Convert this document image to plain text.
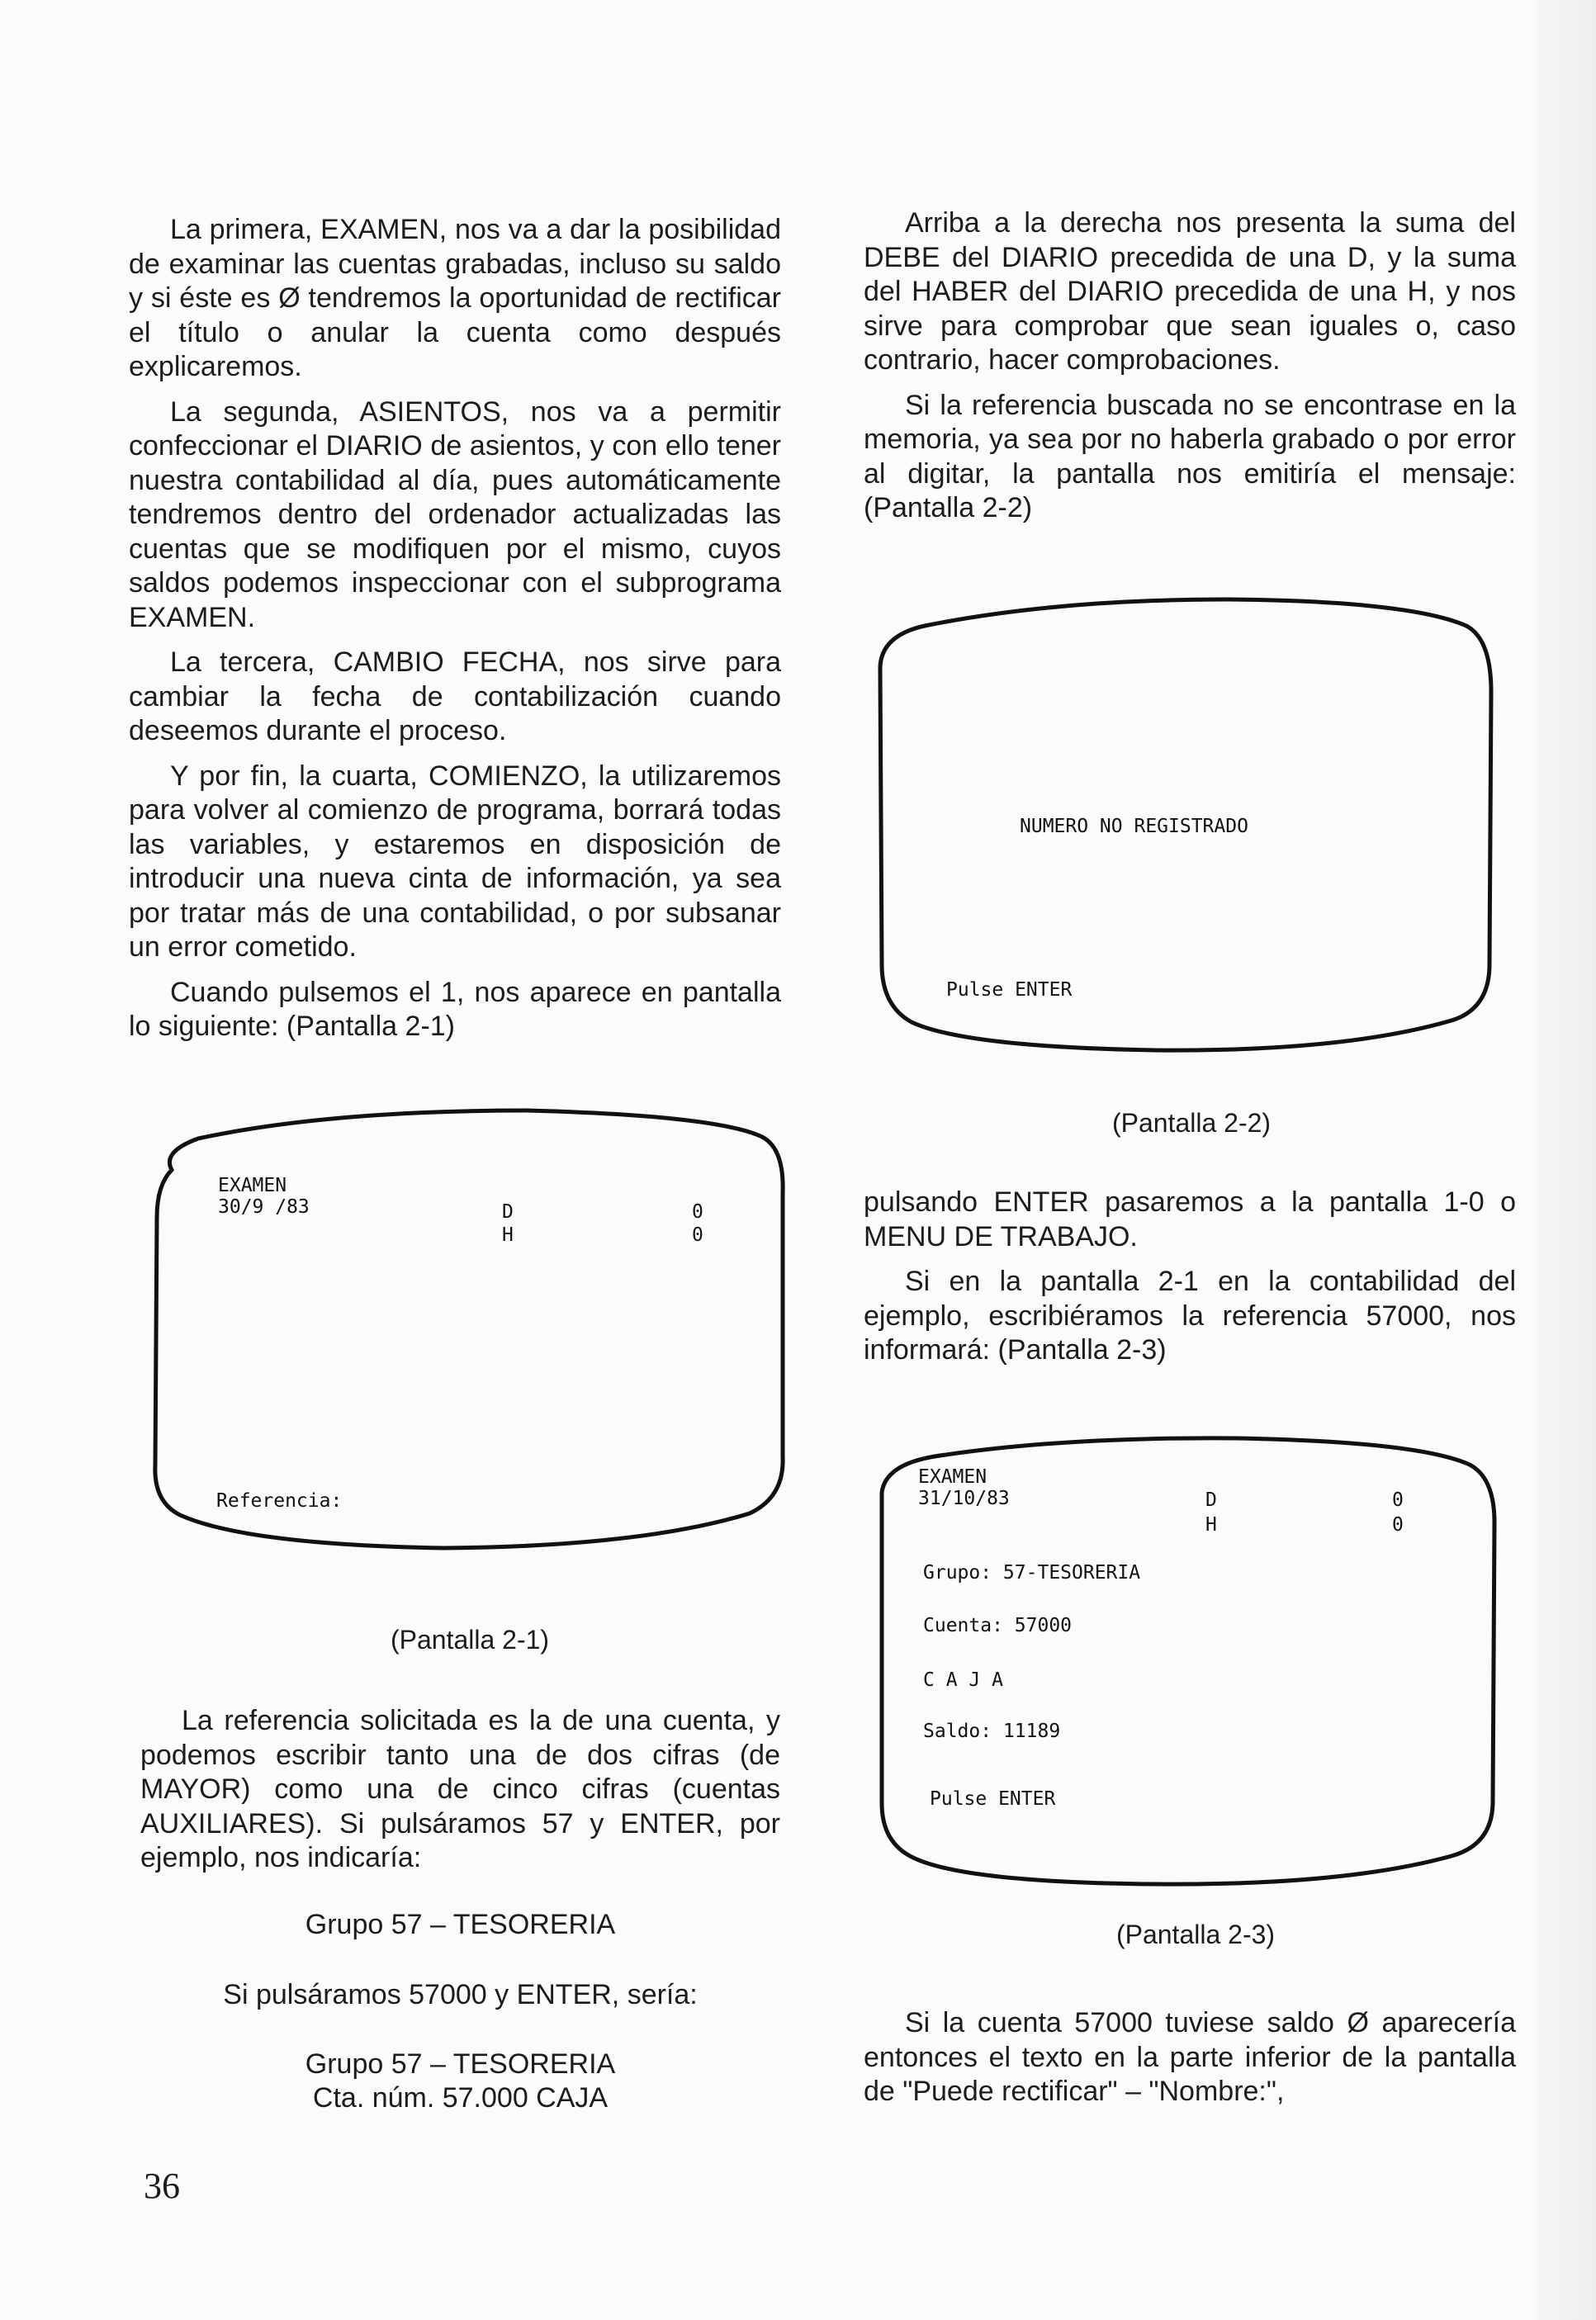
La primera, EXAMEN, nos va a dar la posibilidad de examinar las cuentas grabadas, incluso su saldo y si éste es Ø tendremos la oportunidad de rectificar el título o anular la cuenta como después explicaremos.

La segunda, ASIENTOS, nos va a permitir confeccionar el DIARIO de asientos, y con ello tener nuestra contabilidad al día, pues automáticamente tendremos dentro del ordenador actualizadas las cuentas que se modifiquen por el mismo, cuyos saldos podemos inspeccionar con el subprograma EXAMEN.

La tercera, CAMBIO FECHA, nos sirve para cambiar la fecha de contabilización cuando deseemos durante el proceso.

Y por fin, la cuarta, COMIENZO, la utilizaremos para volver al comienzo de programa, borrará todas las variables, y estaremos en disposición de introducir una nueva cinta de información, ya sea por tratar más de una contabilidad, o por subsanar un error cometido.

Cuando pulsemos el 1, nos aparece en pantalla lo siguiente: (Pantalla 2-1)

EXAMEN
30/9 /83	D
H
0
0
Referencia:
(Pantalla 2-1)

La referencia solicitada es la de una cuenta, y podemos escribir tanto una de dos cifras (de MAYOR) como una de cinco cifras (cuentas AUXILIARES). Si pulsáramos 57 y ENTER, por ejemplo, nos indicaría:

Grupo 57 – TESORERIA
Si pulsáramos 57000 y ENTER, sería:
Grupo 57 – TESORERIA
Cta. núm. 57.000 CAJA

Arriba a la derecha nos presenta la suma del DEBE del DIARIO precedida de una D, y la suma del HABER del DIARIO precedida de una H, y nos sirve para comprobar que sean iguales o, caso contrario, hacer comprobaciones.

Si la referencia buscada no se encontrase en la memoria, ya sea por no haberla grabado o por error al digitar, la pantalla nos emitiría el mensaje: (Pantalla 2-2)

NUMERO NO REGISTRADO
Pulse ENTER
(Pantalla 2-2)

pulsando ENTER pasaremos a la pantalla 1-0 o MENU DE TRABAJO.

Si en la pantalla 2-1 en la contabilidad del ejemplo, escribiéramos la referencia 57000, nos informará: (Pantalla 2-3)

EXAMEN
31/10/83	D
H
0
0
Grupo: 57-TESORERIA
Cuenta: 57000
C A J A
Saldo: 11189
Pulse ENTER
(Pantalla 2-3)

Si la cuenta 57000 tuviese saldo Ø aparecería entonces el texto en la parte inferior de la pantalla de "Puede rectificar" – "Nombre:",

36
